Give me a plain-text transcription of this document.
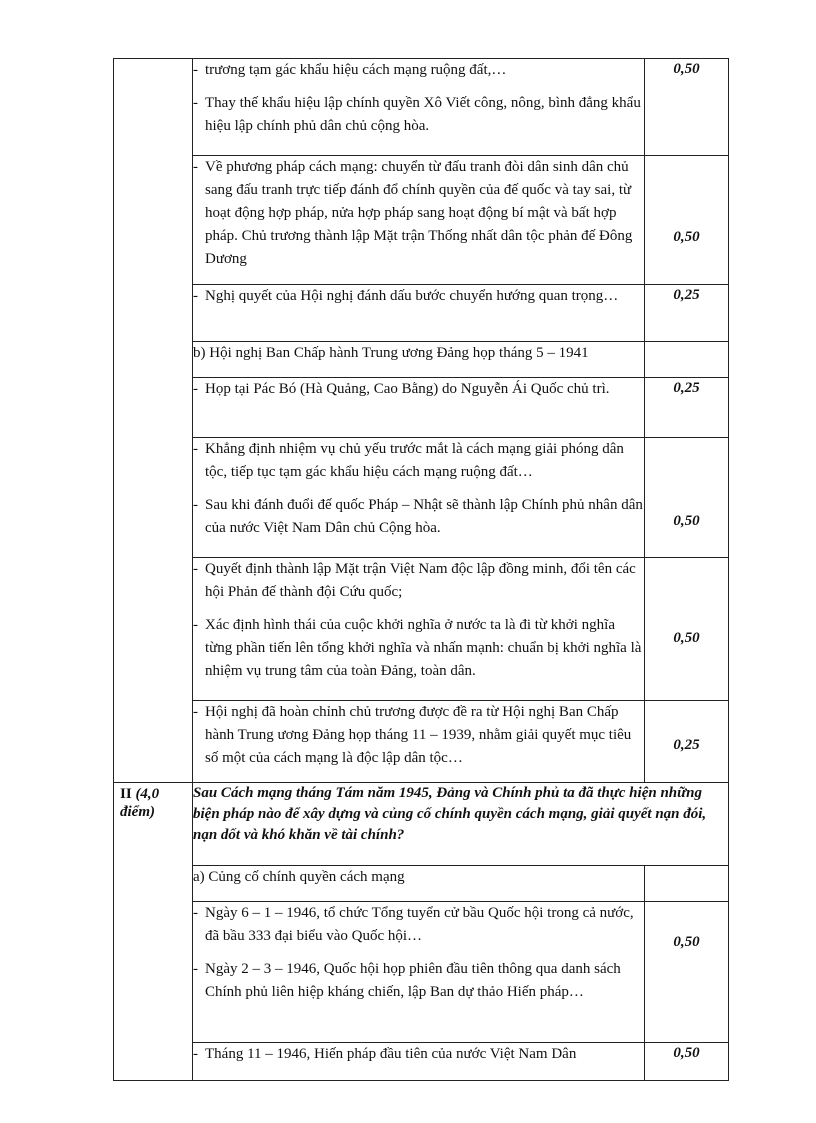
	- trương tạm gác khẩu hiệu cách mạng ruộng đất,…
- Thay thế khẩu hiệu lập chính quyền Xô Viết công, nông, bình đẳng khẩu hiệu lập chính phủ dân chủ cộng hòa.	0,50

	- Về phương pháp cách mạng: chuyển từ đấu tranh đòi dân sinh dân chủ sang đấu tranh trực tiếp đánh đổ chính quyền của đế quốc và tay sai, từ hoạt động hợp pháp, nửa hợp pháp sang hoạt động bí mật và bất hợp pháp. Chủ trương thành lập Mặt trận Thống nhất dân tộc phản đế Đông Dương	0,50

	- Nghị quyết của Hội nghị đánh dấu bước chuyển hướng quan trọng…	0,25

	b) Hội nghị Ban Chấp hành Trung ương Đảng họp tháng 5 – 1941	

	- Họp tại Pác Bó (Hà Quảng, Cao Bằng) do Nguyễn Ái Quốc chủ trì.	0,25

	- Khẳng định nhiệm vụ chủ yếu trước mắt là cách mạng giải phóng dân tộc, tiếp tục tạm gác khẩu hiệu cách mạng ruộng đất…
- Sau khi đánh đuổi đế quốc Pháp – Nhật sẽ thành lập Chính phủ nhân dân của nước Việt Nam Dân chủ Cộng hòa.	0,50

	- Quyết định thành lập Mặt trận Việt Nam độc lập đồng minh, đổi tên các hội Phản đế thành đội Cứu quốc;
- Xác định hình thái của cuộc khởi nghĩa ở nước ta là đi từ khởi nghĩa từng phần tiến lên tổng khởi nghĩa và nhấn mạnh: chuẩn bị khởi nghĩa là nhiệm vụ trung tâm của toàn Đảng, toàn dân.	0,50

	- Hội nghị đã hoàn chỉnh chủ trương được đề ra từ Hội nghị Ban Chấp hành Trung ương Đảng họp tháng 11 – 1939, nhằm giải quyết mục tiêu số một của cách mạng là độc lập dân tộc…	0,25

II (4,0 điểm)	Sau Cách mạng tháng Tám năm 1945, Đảng và Chính phủ ta đã thực hiện những biện pháp nào để xây dựng và củng cố chính quyền cách mạng, giải quyết nạn đói, nạn dốt và khó khăn về tài chính?	
	a) Củng cố chính quyền cách mạng	

	- Ngày 6 – 1 – 1946, tổ chức Tổng tuyển cử bầu Quốc hội trong cả nước, đã bầu 333 đại biểu vào Quốc hội…
- Ngày 2 – 3 – 1946, Quốc hội họp phiên đầu tiên thông qua danh sách Chính phủ liên hiệp kháng chiến, lập Ban dự thảo Hiến pháp…	0,50

	- Tháng 11 – 1946, Hiến pháp đầu tiên của nước Việt Nam Dân	0,50
